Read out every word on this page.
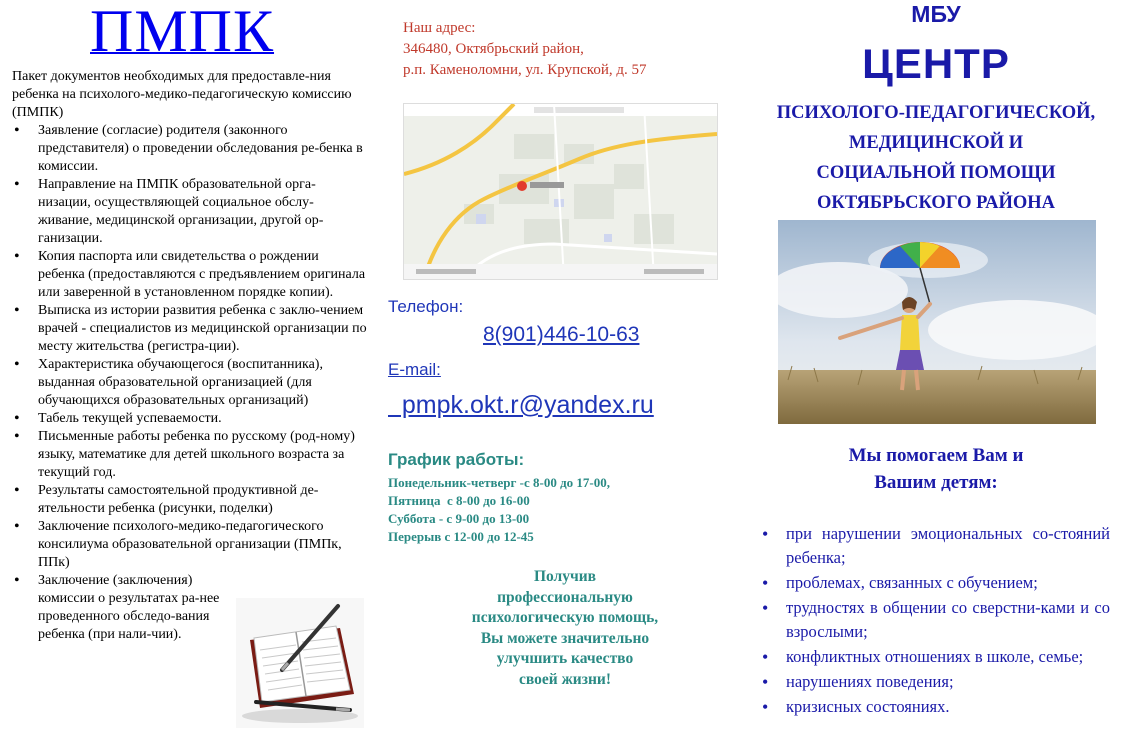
ПМПК
Пакет документов необходимых для предоставле-ния ребенка на психолого-медико-педагогическую комиссию (ПМПК)
• Заявление (согласие) родителя (законного представителя) о проведении обследования ре-бенка в комиссии.
• Направление на ПМПК образовательной орга-низации, осуществляющей социальное обслу-живание, медицинской организации, другой ор-ганизации.
• Копия паспорта или свидетельства о рождении ребенка (предоставляются с предъявлением оригинала или заверенной в установленном порядке копии).
• Выписка из истории развития ребенка с заклю-чением врачей - специалистов из медицинской организации по месту жительства (регистра-ции).
• Характеристика обучающегося (воспитанника), выданная образовательной организацией (для обучающихся образовательных организаций)
• Табель текущей успеваемости.
• Письменные работы ребенка по русскому (род-ному) языку, математике для детей школьного возраста за текущий год.
• Результаты самостоятельной продуктивной де-ятельности ребенка (рисунки, поделки)
• Заключение психолого-медико-педагогического консилиума образовательной организации (ПМПк, ППк)
• Заключение (заключения) комиссии о результатах ра-нее проведенного обследо-вания ребенка (при нали-чии).
Наш адрес:
346480, Октябрьский район,
р.п. Каменоломни, ул. Крупской, д. 57
Телефон:
8(901)446-10-63
E-mail:
pmpk.okt.r@yandex.ru
График работы:
Понедельник-четверг -с 8-00 до 17-00,
Пятница  с 8-00 до 16-00
Суббота - с 9-00 до 13-00
Перерыв с 12-00 до 12-45

Получив
профессиональную
психологическую помощь,
Вы можете значительно
улучшить качество
своей жизни!

МБУ
ЦЕНТР

ПСИХОЛОГО-ПЕДАГОГИЧЕСКОЙ,
МЕДИЦИНСКОЙ И
СОЦИАЛЬНОЙ ПОМОЩИ
ОКТЯБРЬСКОГО РАЙОНА

Мы помогаем Вам и
Вашим детям:

• при нарушении эмоциональных со-стояний ребенка;
• проблемах, связанных с обучением;
• трудностях в общении со сверстни-ками и со взрослыми;
• конфликтных отношениях в школе, семье;
• нарушениях поведения;
• кризисных состояниях.
